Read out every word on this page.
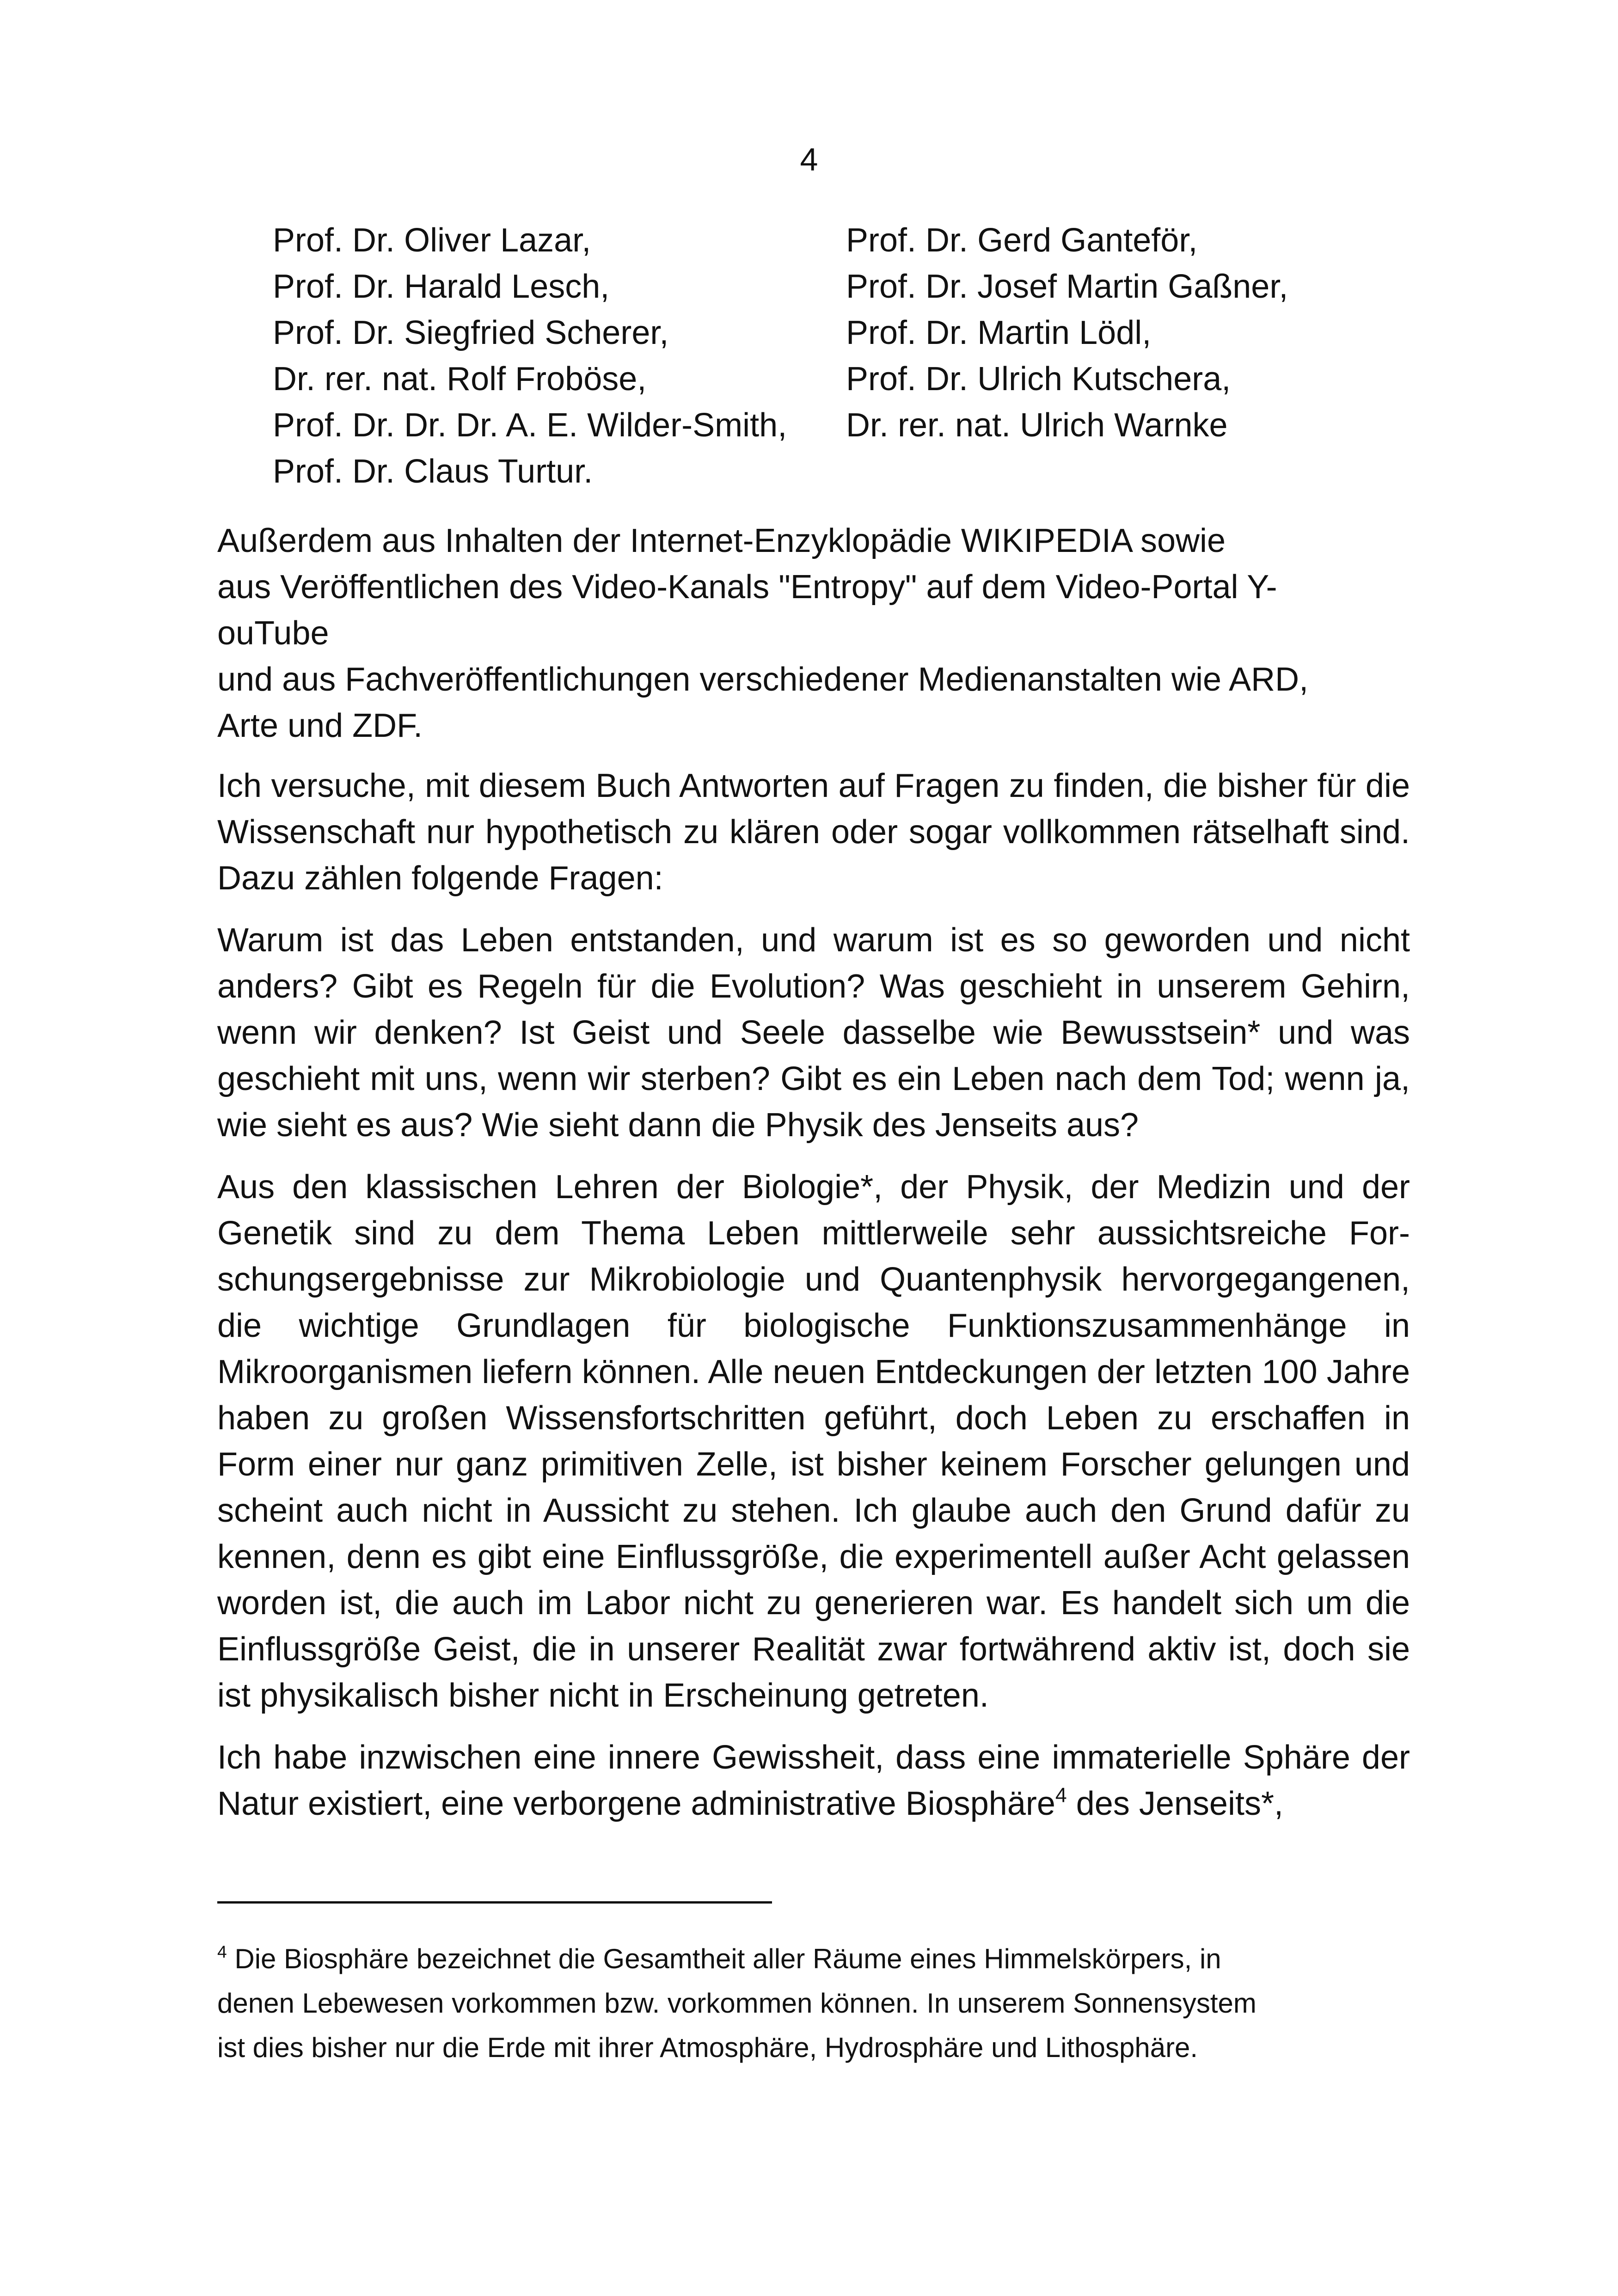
4
Prof. Dr. Oliver Lazar,
Prof. Dr. Harald Lesch,
Prof. Dr. Siegfried Scherer,
Dr. rer. nat. Rolf Froböse,
Prof. Dr. Dr. Dr. A. E. Wilder-Smith,
Prof. Dr. Claus Turtur.
Prof. Dr. Gerd Ganteför,
Prof. Dr. Josef Martin Gaßner,
Prof. Dr. Martin Lödl,
Prof. Dr. Ulrich Kutschera,
Dr. rer. nat. Ulrich Warnke
Außerdem aus Inhalten der Internet-Enzyklopädie WIKIPEDIA sowie
aus Veröffentlichen des Video-Kanals "Entropy" auf dem Video-Portal Y-
ouTube
und aus Fachveröffentlichungen verschiedener Medienanstalten wie ARD,
Arte und ZDF.

Ich versuche, mit diesem Buch Antworten auf Fragen zu finden, die bisher für die Wissenschaft nur hypothetisch zu klären oder sogar vollkommen rätselhaft sind. Dazu zählen folgende Fragen:

Warum ist das Leben entstanden, und warum ist es so geworden und nicht anders? Gibt es Regeln für die Evolution? Was geschieht in unserem Gehirn, wenn wir denken? Ist Geist und Seele dasselbe wie Bewusstsein* und was geschieht mit uns, wenn wir sterben? Gibt es ein Leben nach dem Tod; wenn ja, wie sieht es aus? Wie sieht dann die Physik des Jenseits aus?

Aus den klassischen Lehren der Biologie*, der Physik, der Medizin und der Genetik sind zu dem Thema Leben mittlerweile sehr aussichtsreiche Forschungsergebnisse zur Mikrobiologie und Quantenphysik hervorgegangenen, die wichtige Grundlagen für biologische Funktionszusammenhänge in Mikroorganismen liefern können. Alle neuen Entdeckungen der letzten 100 Jahre haben zu großen Wissensfortschritten geführt, doch Leben zu erschaffen in Form einer nur ganz primitiven Zelle, ist bisher keinem Forscher gelungen und scheint auch nicht in Aussicht zu stehen. Ich glaube auch den Grund dafür zu kennen, denn es gibt eine Einflussgröße, die experimentell außer Acht gelassen worden ist, die auch im Labor nicht zu generieren war. Es handelt sich um die Einflussgröße Geist, die in unserer Realität zwar fortwährend aktiv ist, doch sie ist physikalisch bisher nicht in Erscheinung getreten.

Ich habe inzwischen eine innere Gewissheit, dass eine immaterielle Sphäre der Natur existiert, eine verborgene administrative Biosphäre$^4$ des Jenseits*,

$^4$ Die Biosphäre bezeichnet die Gesamtheit aller Räume eines Himmelskörpers, in
denen Lebewesen vorkommen bzw. vorkommen können. In unserem Sonnensystem
ist dies bisher nur die Erde mit ihrer Atmosphäre, Hydrosphäre und Lithosphäre.
